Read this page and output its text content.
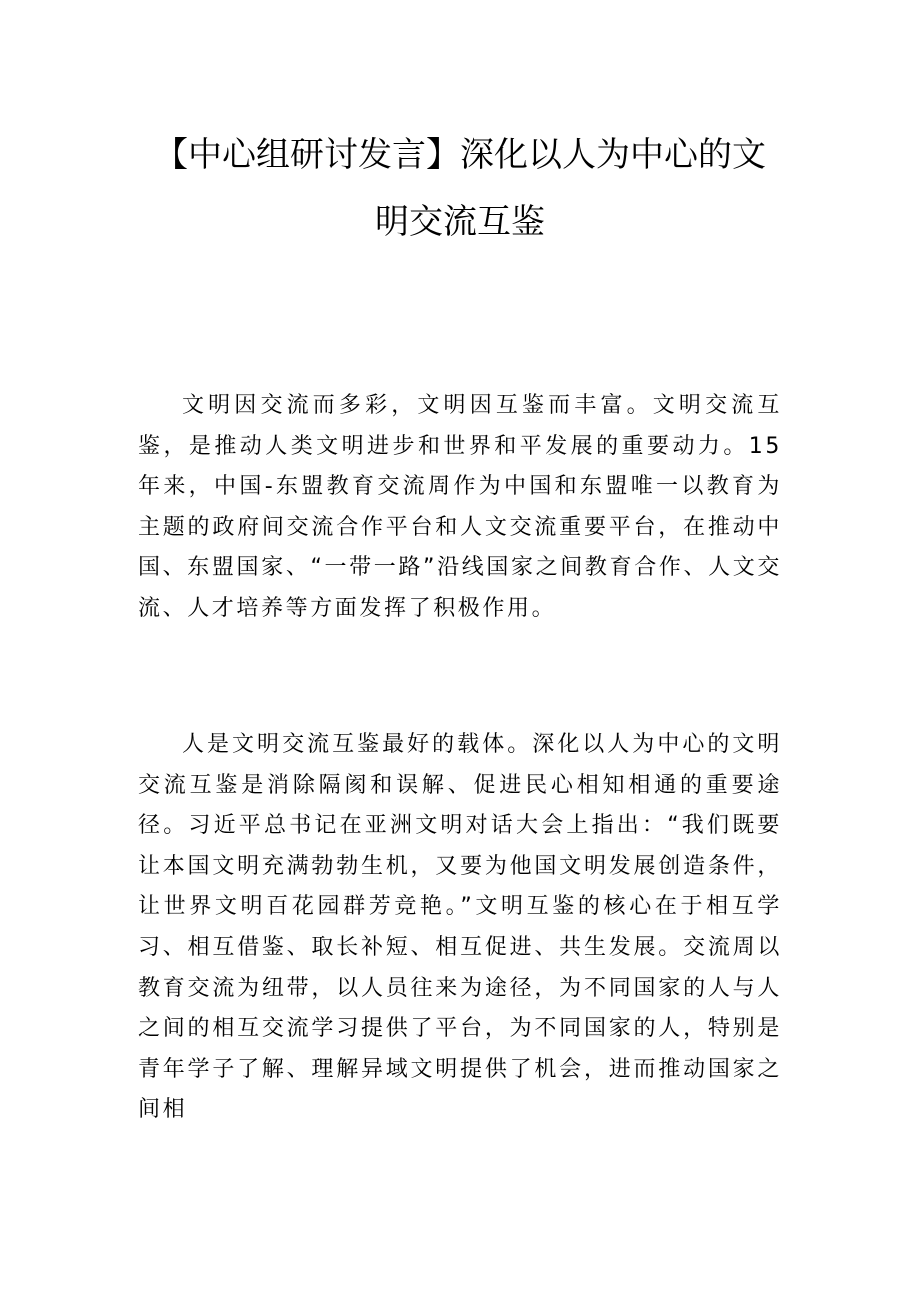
【中心组研讨发言】深化以人为中心的文
明交流互鉴

文明因交流而多彩，文明因互鉴而丰富。文明交流互鉴，是推动人类文明进步和世界和平发展的重要动力。15年来，中国-东盟教育交流周作为中国和东盟唯一以教育为主题的政府间交流合作平台和人文交流重要平台，在推动中国、东盟国家、“一带一路”沿线国家之间教育合作、人文交流、人才培养等方面发挥了积极作用。

人是文明交流互鉴最好的载体。深化以人为中心的文明交流互鉴是消除隔阂和误解、促进民心相知相通的重要途径。习近平总书记在亚洲文明对话大会上指出：“我们既要让本国文明充满勃勃生机，又要为他国文明发展创造条件，让世界文明百花园群芳竞艳。”文明互鉴的核心在于相互学习、相互借鉴、取长补短、相互促进、共生发展。交流周以教育交流为纽带，以人员往来为途径，为不同国家的人与人之间的相互交流学习提供了平台，为不同国家的人，特别是青年学子了解、理解异域文明提供了机会，进而推动国家之间相
